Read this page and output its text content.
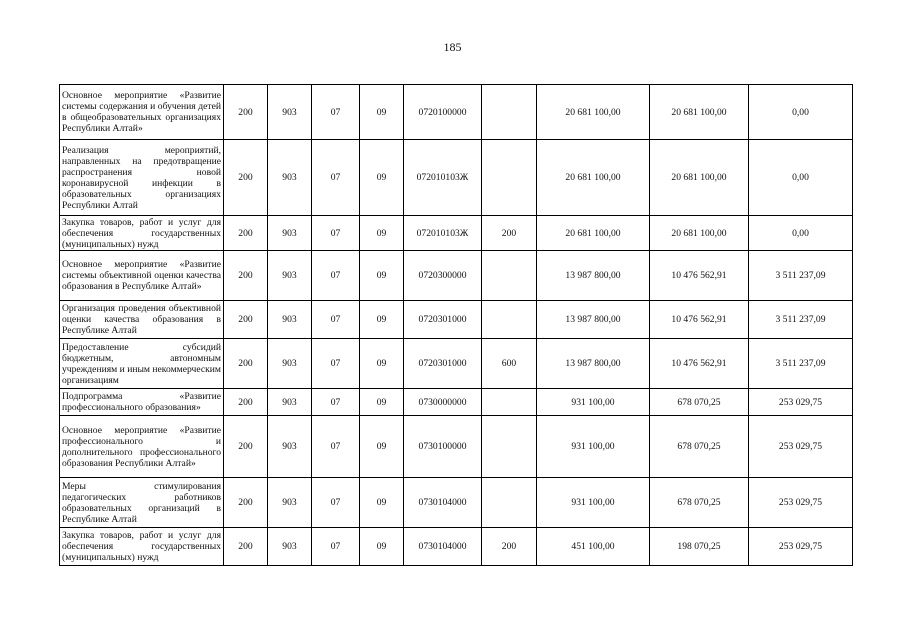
185
Основное мероприятие «Развитие системы содержания и обучения детей в общеобразовательных организациях Республики Алтай»	200	903	07	09	0720100000		20 681 100,00	20 681 100,00	0,00
Реализация мероприятий, направленных на предотвращение распространения новой коронавирусной инфекции в образовательных организациях Республики Алтай	200	903	07	09	072010103Ж		20 681 100,00	20 681 100,00	0,00
Закупка товаров, работ и услуг для обеспечения государственных (муниципальных) нужд	200	903	07	09	072010103Ж	200	20 681 100,00	20 681 100,00	0,00
Основное мероприятие «Развитие системы объективной оценки качества образования в Республике Алтай»	200	903	07	09	0720300000		13 987 800,00	10 476 562,91	3 511 237,09
Организация проведения объективной оценки качества образования в Республике Алтай	200	903	07	09	0720301000		13 987 800,00	10 476 562,91	3 511 237,09
Предоставление субсидий бюджетным, автономным учреждениям и иным некоммерческим организациям	200	903	07	09	0720301000	600	13 987 800,00	10 476 562,91	3 511 237,09
Подпрограмма «Развитие профессионального образования»	200	903	07	09	0730000000		931 100,00	678 070,25	253 029,75
Основное мероприятие «Развитие профессионального и дополнительного профессионального образования Республики Алтай»	200	903	07	09	0730100000		931 100,00	678 070,25	253 029,75
Меры стимулирования педагогических работников образовательных организаций в Республике Алтай	200	903	07	09	0730104000		931 100,00	678 070,25	253 029,75
Закупка товаров, работ и услуг для обеспечения государственных (муниципальных) нужд	200	903	07	09	0730104000	200	451 100,00	198 070,25	253 029,75
